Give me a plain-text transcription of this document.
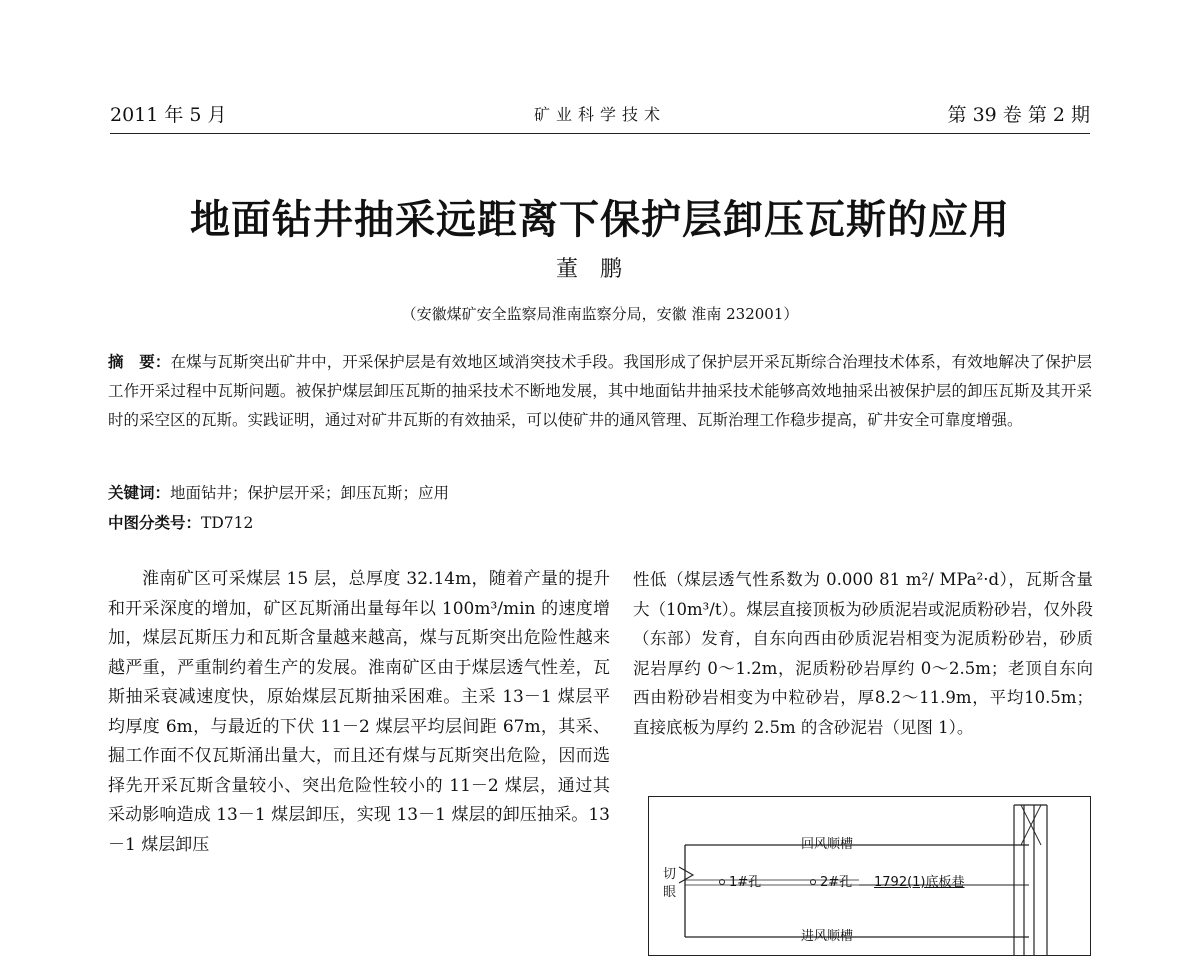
2011 年 5 月	矿业科学技术	第 39 卷 第 2 期
地面钻井抽采远距离下保护层卸压瓦斯的应用
董鹏
（安徽煤矿安全监察局淮南监察分局，安徽 淮南 232001）
摘　要：在煤与瓦斯突出矿井中，开采保护层是有效地区域消突技术手段。我国形成了保护层开采瓦斯综合治理技术体系，有效地解决了保护层工作开采过程中瓦斯问题。被保护煤层卸压瓦斯的抽采技术不断地发展，其中地面钻井抽采技术能够高效地抽采出被保护层的卸压瓦斯及其开采时的采空区的瓦斯。实践证明，通过对矿井瓦斯的有效抽采，可以使矿井的通风管理、瓦斯治理工作稳步提高，矿井安全可靠度增强。
关键词：地面钻井；保护层开采；卸压瓦斯；应用
中图分类号：TD712

淮南矿区可采煤层 15 层，总厚度 32.14m，随着产量的提升和开采深度的增加，矿区瓦斯涌出量每年以 100m³/min 的速度增加，煤层瓦斯压力和瓦斯含量越来越高，煤与瓦斯突出危险性越来越严重，严重制约着生产的发展。淮南矿区由于煤层透气性差，瓦斯抽采衰减速度快，原始煤层瓦斯抽采困难。主采 13－1 煤层平均厚度 6m，与最近的下伏 11－2 煤层平均层间距 67m，其采、掘工作面不仅瓦斯涌出量大，而且还有煤与瓦斯突出危险，因而选择先开采瓦斯含量较小、突出危险性较小的 11－2 煤层，通过其采动影响造成 13－1 煤层卸压，实现 13－1 煤层的卸压抽采。13－1 煤层卸压

性低（煤层透气性系数为 0.000 81 m²/ MPa²·d），瓦斯含量大（10m³/t）。煤层直接顶板为砂质泥岩或泥质粉砂岩，仅外段（东部）发育，自东向西由砂质泥岩相变为泥质粉砂岩，砂质泥岩厚约 0～1.2m，泥质粉砂岩厚约 0～2.5m；老顶自东向西由粉砂岩相变为中粒砂岩，厚8.2～11.9m，平均10.5m；直接底板为厚约 2.5m 的含砂泥岩（见图 1）。

回风顺槽
切
眼
1#孔	2#孔 1792(1)底板巷
进风顺槽
